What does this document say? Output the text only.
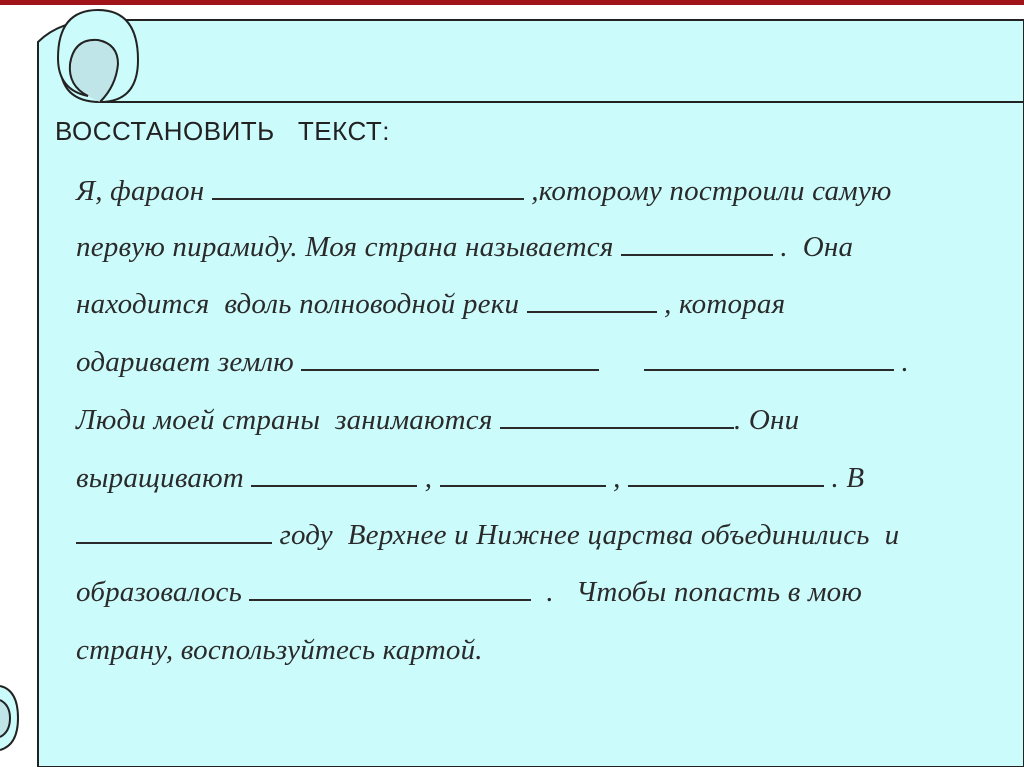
ВОССТАНОВИТЬ   ТЕКСТ:
Я, фараон	,которому построили самую
первую пирамиду. Моя страна называется	.  Она
находится  вдоль полноводной реки	, которая
одаривает землю	.
Люди моей страны  занимаются	. Они
выращивают	,	,	. В
году  Верхнее и Нижнее царства объединились  и
образовалось	.   Чтобы попасть в мою
страну, воспользуйтесь картой.
